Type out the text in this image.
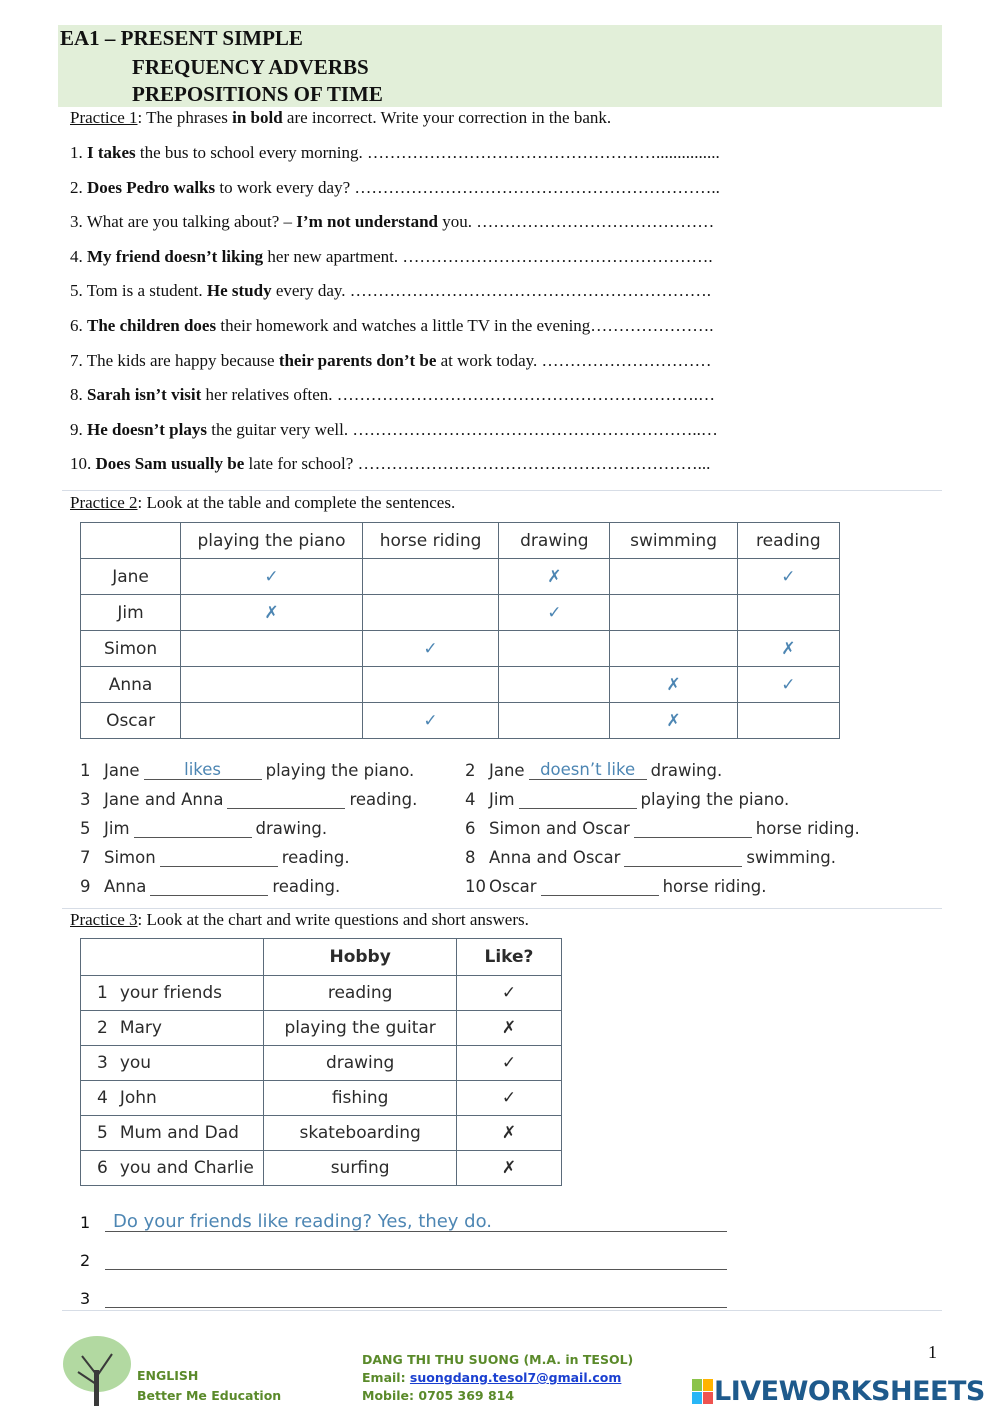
EA1 – PRESENT SIMPLE
FREQUENCY ADVERBS
PREPOSITIONS OF TIME
Practice 1: The phrases in bold are incorrect. Write your correction in the bank.
1. I takes the bus to school every morning. ……………………………………………...............
2. Does Pedro walks to work every day? ………………………………………………………..
3. What are you talking about? – I’m not understand you. ……………………………………
4. My friend doesn’t liking her new apartment. ……………………………………………….
5. Tom is a student. He study every day. ……………………………………………………….
6. The children does their homework and watches a little TV in the evening………………….
7. The kids are happy because their parents don’t be at work today. …………………………
8. Sarah isn’t visit her relatives often. ……………………………………………………….…
9. He doesn’t plays the guitar very well. ……………………………………………………..…
10. Does Sam usually be late for school? ……………………………………………………...
Practice 2: Look at the table and complete the sentences.
	playing the piano	horse riding	drawing	swimming	reading
Jane	✓		✗		✓
Jim	✗		✓		
Simon		✓			✗
Anna				✗	✓
Oscar		✓		✗	
1 Jane	likes	playing the piano.	2 Jane doesn’t like drawing.
3 Jane and Anna	reading.	4 Jim	playing the piano.
5 Jim	drawing.	6 Simon and Oscar	horse riding.
7 Simon	reading.	8 Anna and Oscar	swimming.
9 Anna	reading.	10 Oscar	horse riding.
Practice 3: Look at the chart and write questions and short answers.
	Hobby	Like?
1 your friends	reading	✓
2 Mary	playing the guitar	✗
3 you	drawing	✓
4 John	fishing	✓
5 Mum and Dad	skateboarding	✗
6 you and Charlie	surfing	✗
1 Do your friends like reading? Yes, they do.
2
3
ENGLISH
Better Me Education
DANG THI THU SUONG (M.A. in TESOL)
Email: suongdang.tesol7@gmail.com
Mobile: 0705 369 814
1
LIVEWORKSHEETS
